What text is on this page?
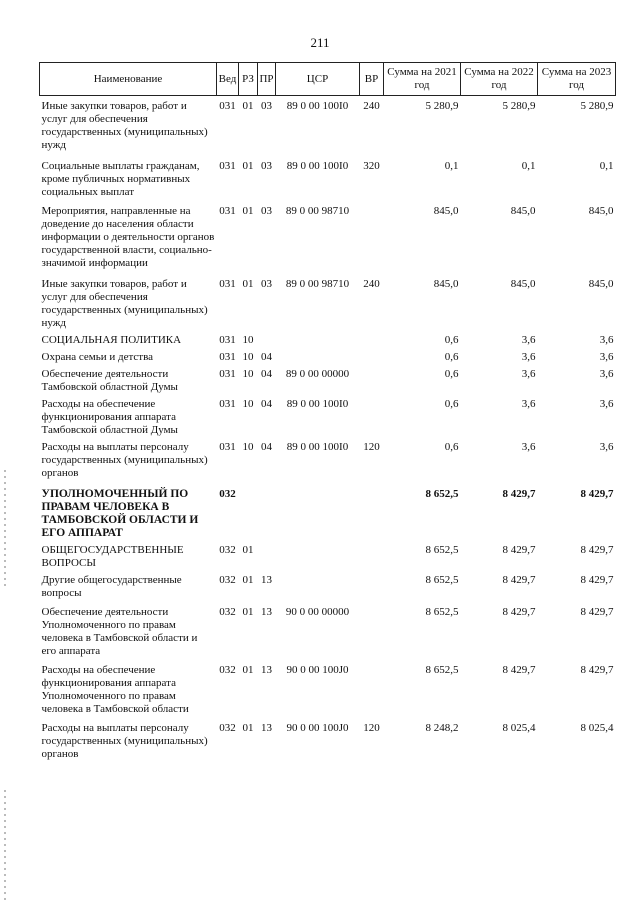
211
Наименование	Вед	РЗ	ПР	ЦСР	ВР	Сумма на 2021 год	Сумма на 2022 год	Сумма на 2023 год
Иные закупки товаров, работ и услуг для обеспечения государственных (муниципальных) нужд	031	01	03	89 0 00 100I0	240	5 280,9	5 280,9	5 280,9
Социальные выплаты гражданам, кроме публичных нормативных социальных выплат	031	01	03	89 0 00 100I0	320	0,1	0,1	0,1
Мероприятия, направленные на доведение до населения области информации о деятельности органов государственной власти, социально-значимой информации	031	01	03	89 0 00 98710		845,0	845,0	845,0
Иные закупки товаров, работ и услуг для обеспечения государственных (муниципальных) нужд	031	01	03	89 0 00 98710	240	845,0	845,0	845,0
СОЦИАЛЬНАЯ ПОЛИТИКА	031	10				0,6	3,6	3,6
Охрана семьи и детства	031	10	04			0,6	3,6	3,6
Обеспечение деятельности Тамбовской областной Думы	031	10	04	89 0 00 00000		0,6	3,6	3,6
Расходы на обеспечение функционирования аппарата Тамбовской областной Думы	031	10	04	89 0 00 100I0		0,6	3,6	3,6
Расходы на выплаты персоналу государственных (муниципальных) органов	031	10	04	89 0 00 100I0	120	0,6	3,6	3,6
УПОЛНОМОЧЕННЫЙ ПО ПРАВАМ ЧЕЛОВЕКА В ТАМБОВСКОЙ ОБЛАСТИ И ЕГО АППАРАТ	032					8 652,5	8 429,7	8 429,7
ОБЩЕГОСУДАРСТВЕННЫЕ ВОПРОСЫ	032	01				8 652,5	8 429,7	8 429,7
Другие общегосударственные вопросы	032	01	13			8 652,5	8 429,7	8 429,7
Обеспечение деятельности Уполномоченного по правам человека в Тамбовской области и его аппарата	032	01	13	90 0 00 00000		8 652,5	8 429,7	8 429,7
Расходы на обеспечение функционирования аппарата Уполномоченного по правам человека в Тамбовской области	032	01	13	90 0 00 100J0		8 652,5	8 429,7	8 429,7
Расходы на выплаты персоналу государственных (муниципальных) органов	032	01	13	90 0 00 100J0	120	8 248,2	8 025,4	8 025,4
